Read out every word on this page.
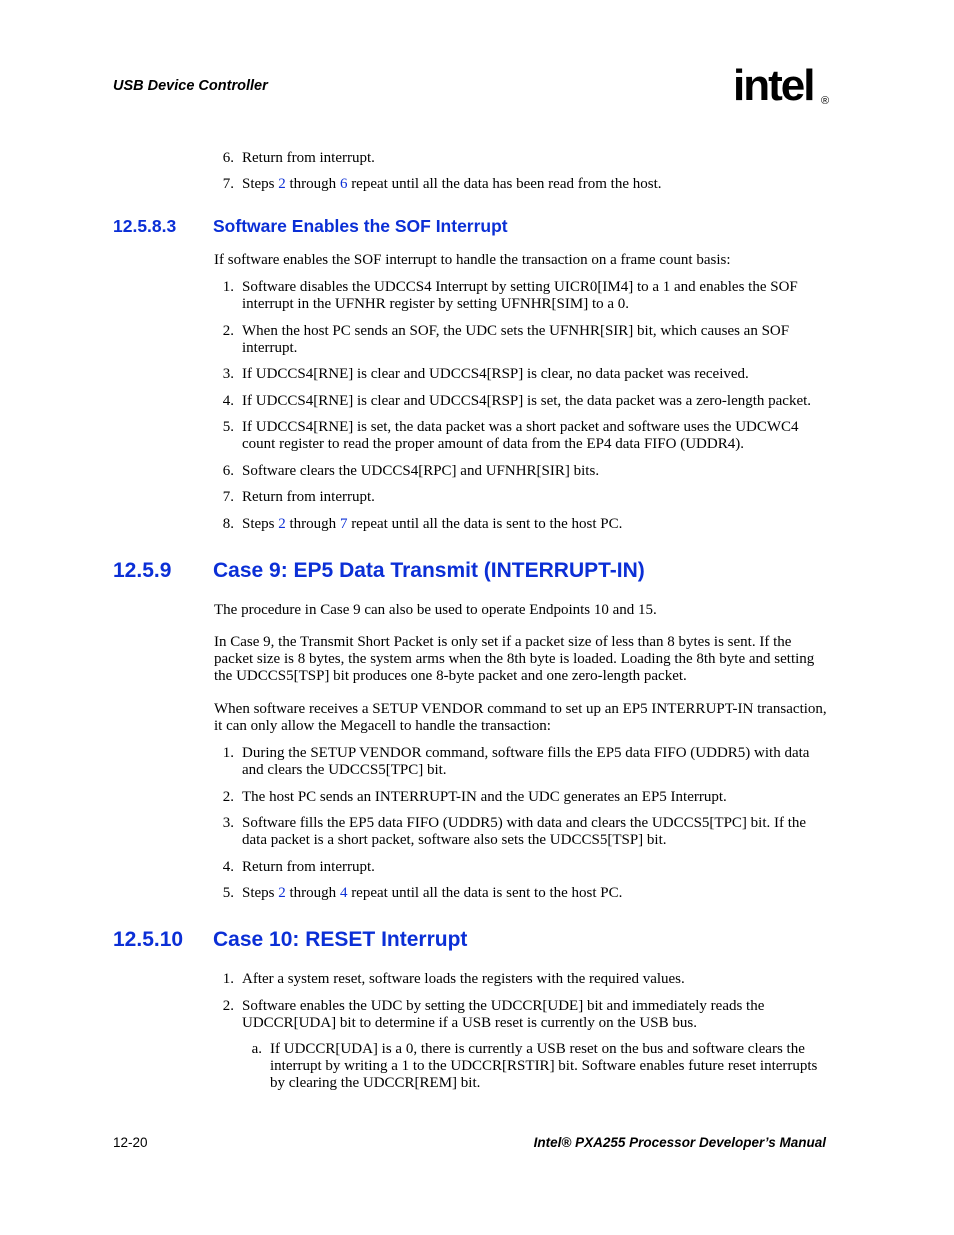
USB Device Controller	intel ®
6. Return from interrupt.
7. Steps 2 through 6 repeat until all the data has been read from the host.
12.5.8.3 Software Enables the SOF Interrupt
If software enables the SOF interrupt to handle the transaction on a frame count basis:
1. Software disables the UDCCS4 Interrupt by setting UICR0[IM4] to a 1 and enables the SOF interrupt in the UFNHR register by setting UFNHR[SIM] to a 0.
2. When the host PC sends an SOF, the UDC sets the UFNHR[SIR] bit, which causes an SOF interrupt.
3. If UDCCS4[RNE] is clear and UDCCS4[RSP] is clear, no data packet was received.
4. If UDCCS4[RNE] is clear and UDCCS4[RSP] is set, the data packet was a zero-length packet.
5. If UDCCS4[RNE] is set, the data packet was a short packet and software uses the UDCWC4 count register to read the proper amount of data from the EP4 data FIFO (UDDR4).
6. Software clears the UDCCS4[RPC] and UFNHR[SIR] bits.
7. Return from interrupt.
8. Steps 2 through 7 repeat until all the data is sent to the host PC.
12.5.9 Case 9: EP5 Data Transmit (INTERRUPT-IN)
The procedure in Case 9 can also be used to operate Endpoints 10 and 15.
In Case 9, the Transmit Short Packet is only set if a packet size of less than 8 bytes is sent. If the packet size is 8 bytes, the system arms when the 8th byte is loaded. Loading the 8th byte and setting the UDCCS5[TSP] bit produces one 8-byte packet and one zero-length packet.
When software receives a SETUP VENDOR command to set up an EP5 INTERRUPT-IN transaction, it can only allow the Megacell to handle the transaction:
1. During the SETUP VENDOR command, software fills the EP5 data FIFO (UDDR5) with data and clears the UDCCS5[TPC] bit.
2. The host PC sends an INTERRUPT-IN and the UDC generates an EP5 Interrupt.
3. Software fills the EP5 data FIFO (UDDR5) with data and clears the UDCCS5[TPC] bit. If the data packet is a short packet, software also sets the UDCCS5[TSP] bit.
4. Return from interrupt.
5. Steps 2 through 4 repeat until all the data is sent to the host PC.
12.5.10 Case 10: RESET Interrupt
1. After a system reset, software loads the registers with the required values.
2. Software enables the UDC by setting the UDCCR[UDE] bit and immediately reads the UDCCR[UDA] bit to determine if a USB reset is currently on the USB bus.
a. If UDCCR[UDA] is a 0, there is currently a USB reset on the bus and software clears the interrupt by writing a 1 to the UDCCR[RSTIR] bit. Software enables future reset interrupts by clearing the UDCCR[REM] bit.
12-20	Intel® PXA255 Processor Developer’s Manual
